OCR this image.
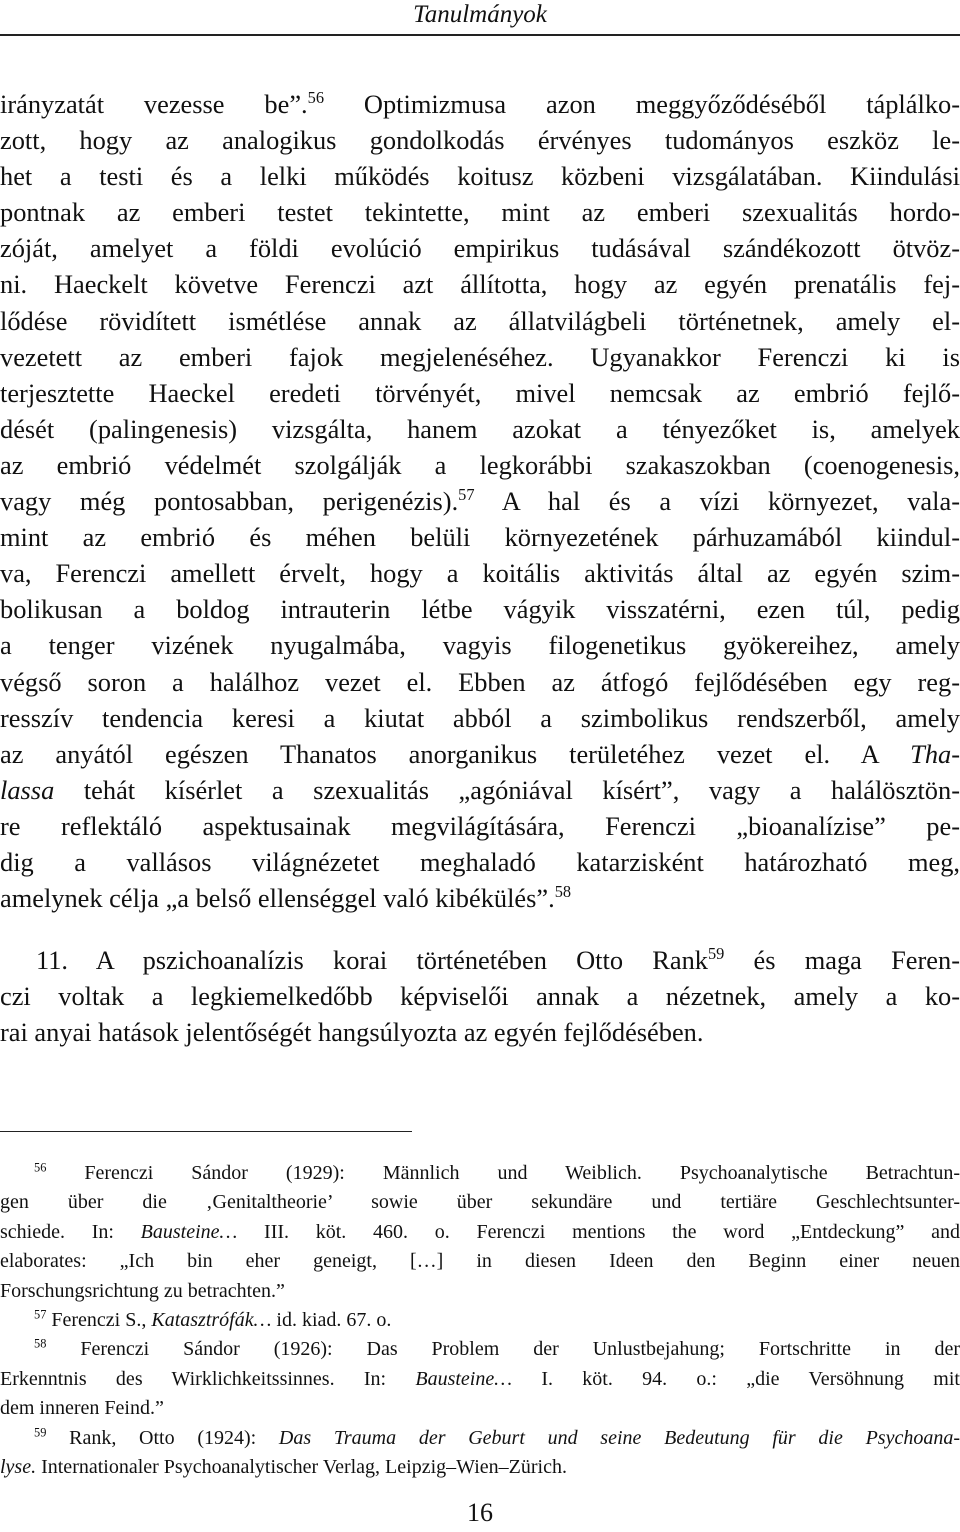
Tanulmányok
irányzatát vezesse be”.$^{56}$ Optimizmusa azon meggyőződéséből táplálko-
zott, hogy az analogikus gondolkodás érvényes tudományos eszköz le-
het a testi és a lelki működés koitusz közbeni vizsgálatában. Kiindulási
pontnak az emberi testet tekintette, mint az emberi szexualitás hordo-
zóját, amelyet a földi evolúció empirikus tudásával szándékozott ötvöz-
ni. Haeckelt követve Ferenczi azt állította, hogy az egyén prenatális fej-
lődése rövidített ismétlése annak az állatvilágbeli történetnek, amely el-
vezetett az emberi fajok megjelenéséhez. Ugyanakkor Ferenczi ki is
terjesztette Haeckel eredeti törvényét, mivel nemcsak az embrió fejlő-
dését (palingenesis) vizsgálta, hanem azokat a tényezőket is, amelyek
az embrió védelmét szolgálják a legkorábbi szakaszokban (coenogenesis,
vagy még pontosabban, perigenézis).$^{57}$ A hal és a vízi környezet, vala-
mint az embrió és méhen belüli környezetének párhuzamából kiindul-
va, Ferenczi amellett érvelt, hogy a koitális aktivitás által az egyén szim-
bolikusan a boldog intrauterin létbe vágyik visszatérni, ezen túl, pedig
a tenger vizének nyugalmába, vagyis filogenetikus gyökereihez, amely
végső soron a halálhoz vezet el. Ebben az átfogó fejlődésében egy reg-
resszív tendencia keresi a kiutat abból a szimbolikus rendszerből, amely
az anyától egészen Thanatos anorganikus területéhez vezet el. A Tha-
lassa tehát kísérlet a szexualitás „agóniával kísért”, vagy a halálösztön-
re reflektáló aspektusainak megvilágítására, Ferenczi „bioanalízise” pe-
dig a vallásos világnézetet meghaladó katarzisként határozható meg,
amelynek célja „a belső ellenséggel való kibékülés”.$^{58}$
11. A pszichoanalízis korai történetében Otto Rank$^{59}$ és maga Feren-
czi voltak a legkiemelkedőbb képviselői annak a nézetnek, amely a ko-
rai anyai hatások jelentőségét hangsúlyozta az egyén fejlődésében.
$^{56}$ Ferenczi Sándor (1929): Männlich und Weiblich. Psychoanalytische Betrachtun-
gen über die ‚Genitaltheorie’ sowie über sekundäre und tertiäre Geschlechtsunter-
schiede. In: Bausteine… III. köt. 460. o. Ferenczi mentions the word „Entdeckung” and
elaborates: „Ich bin eher geneigt, […] in diesen Ideen den Beginn einer neuen
Forschungsrichtung zu betrachten.”
$^{57}$ Ferenczi S., Katasztrófák… id. kiad. 67. o.
$^{58}$ Ferenczi Sándor (1926): Das Problem der Unlustbejahung; Fortschritte in der
Erkenntnis des Wirklichkeitssinnes. In: Bausteine… I. köt. 94. o.: „die Versöhnung mit
dem inneren Feind.”
$^{59}$ Rank, Otto (1924): Das Trauma der Geburt und seine Bedeutung für die Psychoana-
lyse. Internationaler Psychoanalytischer Verlag, Leipzig–Wien–Zürich.
16
